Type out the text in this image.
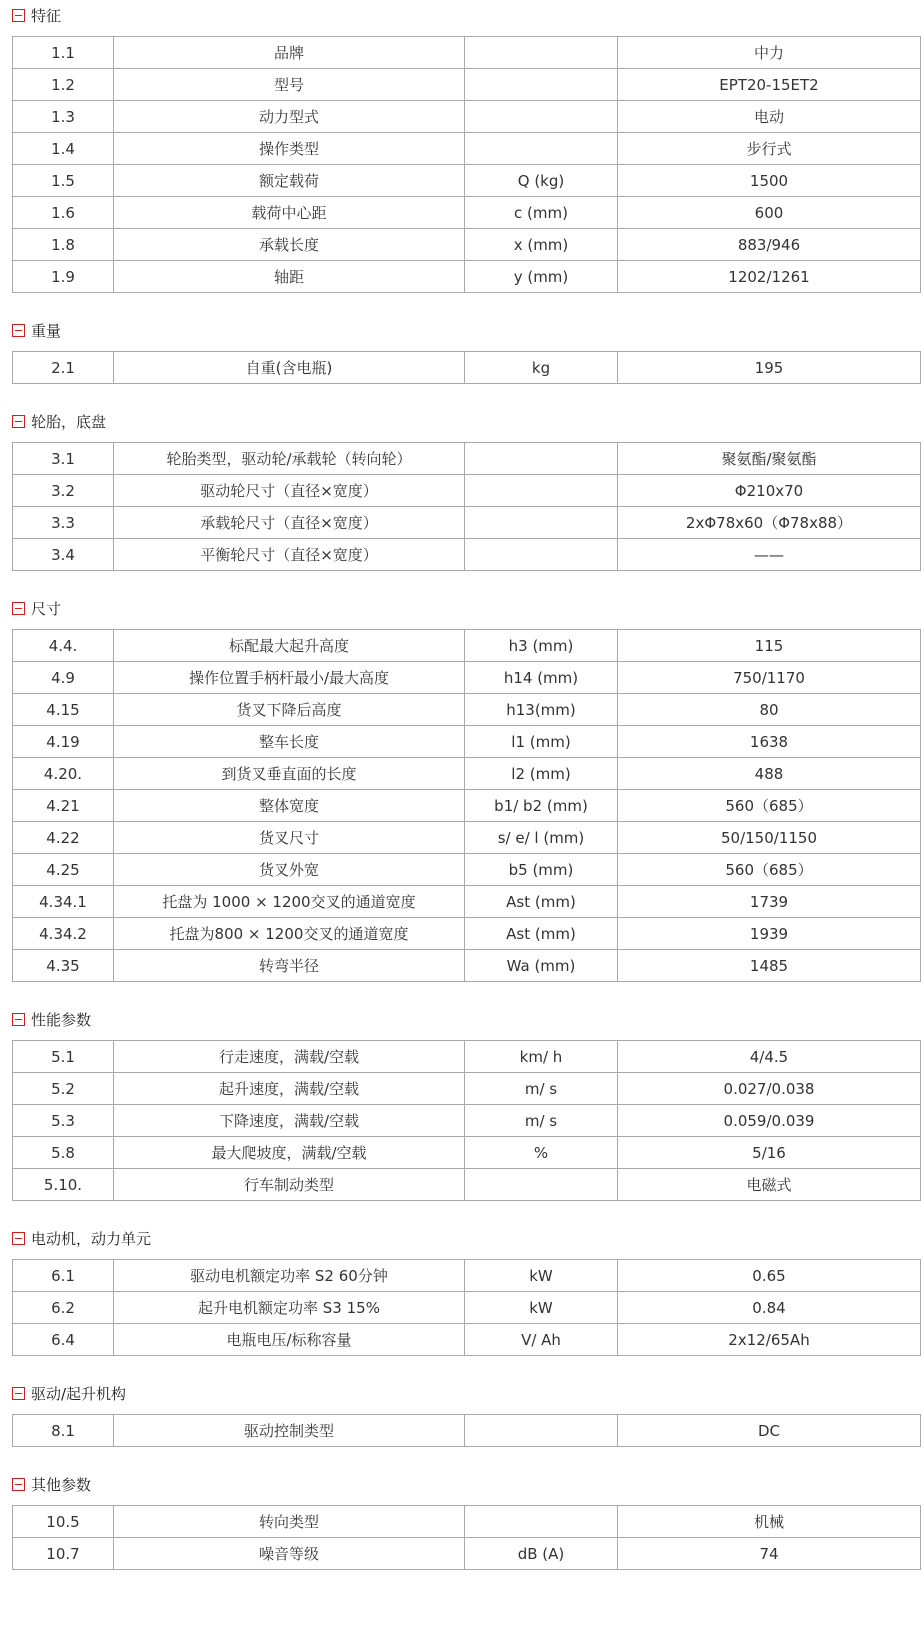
特征
1.1	品牌		中力
1.2	型号		EPT20-15ET2
1.3	动力型式		电动
1.4	操作类型		步行式
1.5	额定载荷	Q (kg)	1500
1.6	载荷中心距	c (mm)	600
1.8	承载长度	x (mm)	883/946
1.9	轴距	y (mm)	1202/1261
重量
2.1	自重(含电瓶)	kg	195
轮胎，底盘
3.1	轮胎类型，驱动轮/承载轮（转向轮）		聚氨酯/聚氨酯
3.2	驱动轮尺寸（直径×宽度）		Φ210x70
3.3	承载轮尺寸（直径×宽度）		2xΦ78x60（Φ78x88）
3.4	平衡轮尺寸（直径×宽度）		——
尺寸
4.4.	标配最大起升高度	h3 (mm)	115
4.9	操作位置手柄杆最小/最大高度	h14 (mm)	750/1170
4.15	货叉下降后高度	h13(mm)	80
4.19	整车长度	l1 (mm)	1638
4.20.	到货叉垂直面的长度	l2 (mm)	488
4.21	整体宽度	b1/ b2 (mm)	560（685）
4.22	货叉尺寸	s/ e/ l (mm)	50/150/1150
4.25	货叉外宽	b5 (mm)	560（685）
4.34.1	托盘为 1000 × 1200交叉的通道宽度	Ast (mm)	1739
4.34.2	托盘为800 × 1200交叉的通道宽度	Ast (mm)	1939
4.35	转弯半径	Wa (mm)	1485
性能参数
5.1	行走速度，满载/空载	km/ h	4/4.5
5.2	起升速度，满载/空载	m/ s	0.027/0.038
5.3	下降速度，满载/空载	m/ s	0.059/0.039
5.8	最大爬坡度，满载/空载	%	5/16
5.10.	行车制动类型		电磁式
电动机，动力单元
6.1	驱动电机额定功率 S2 60分钟	kW	0.65
6.2	起升电机额定功率 S3 15%	kW	0.84
6.4	电瓶电压/标称容量	V/ Ah	2x12/65Ah
驱动/起升机构
8.1	驱动控制类型		DC
其他参数
10.5	转向类型		机械
10.7	噪音等级	dB (A)	74
